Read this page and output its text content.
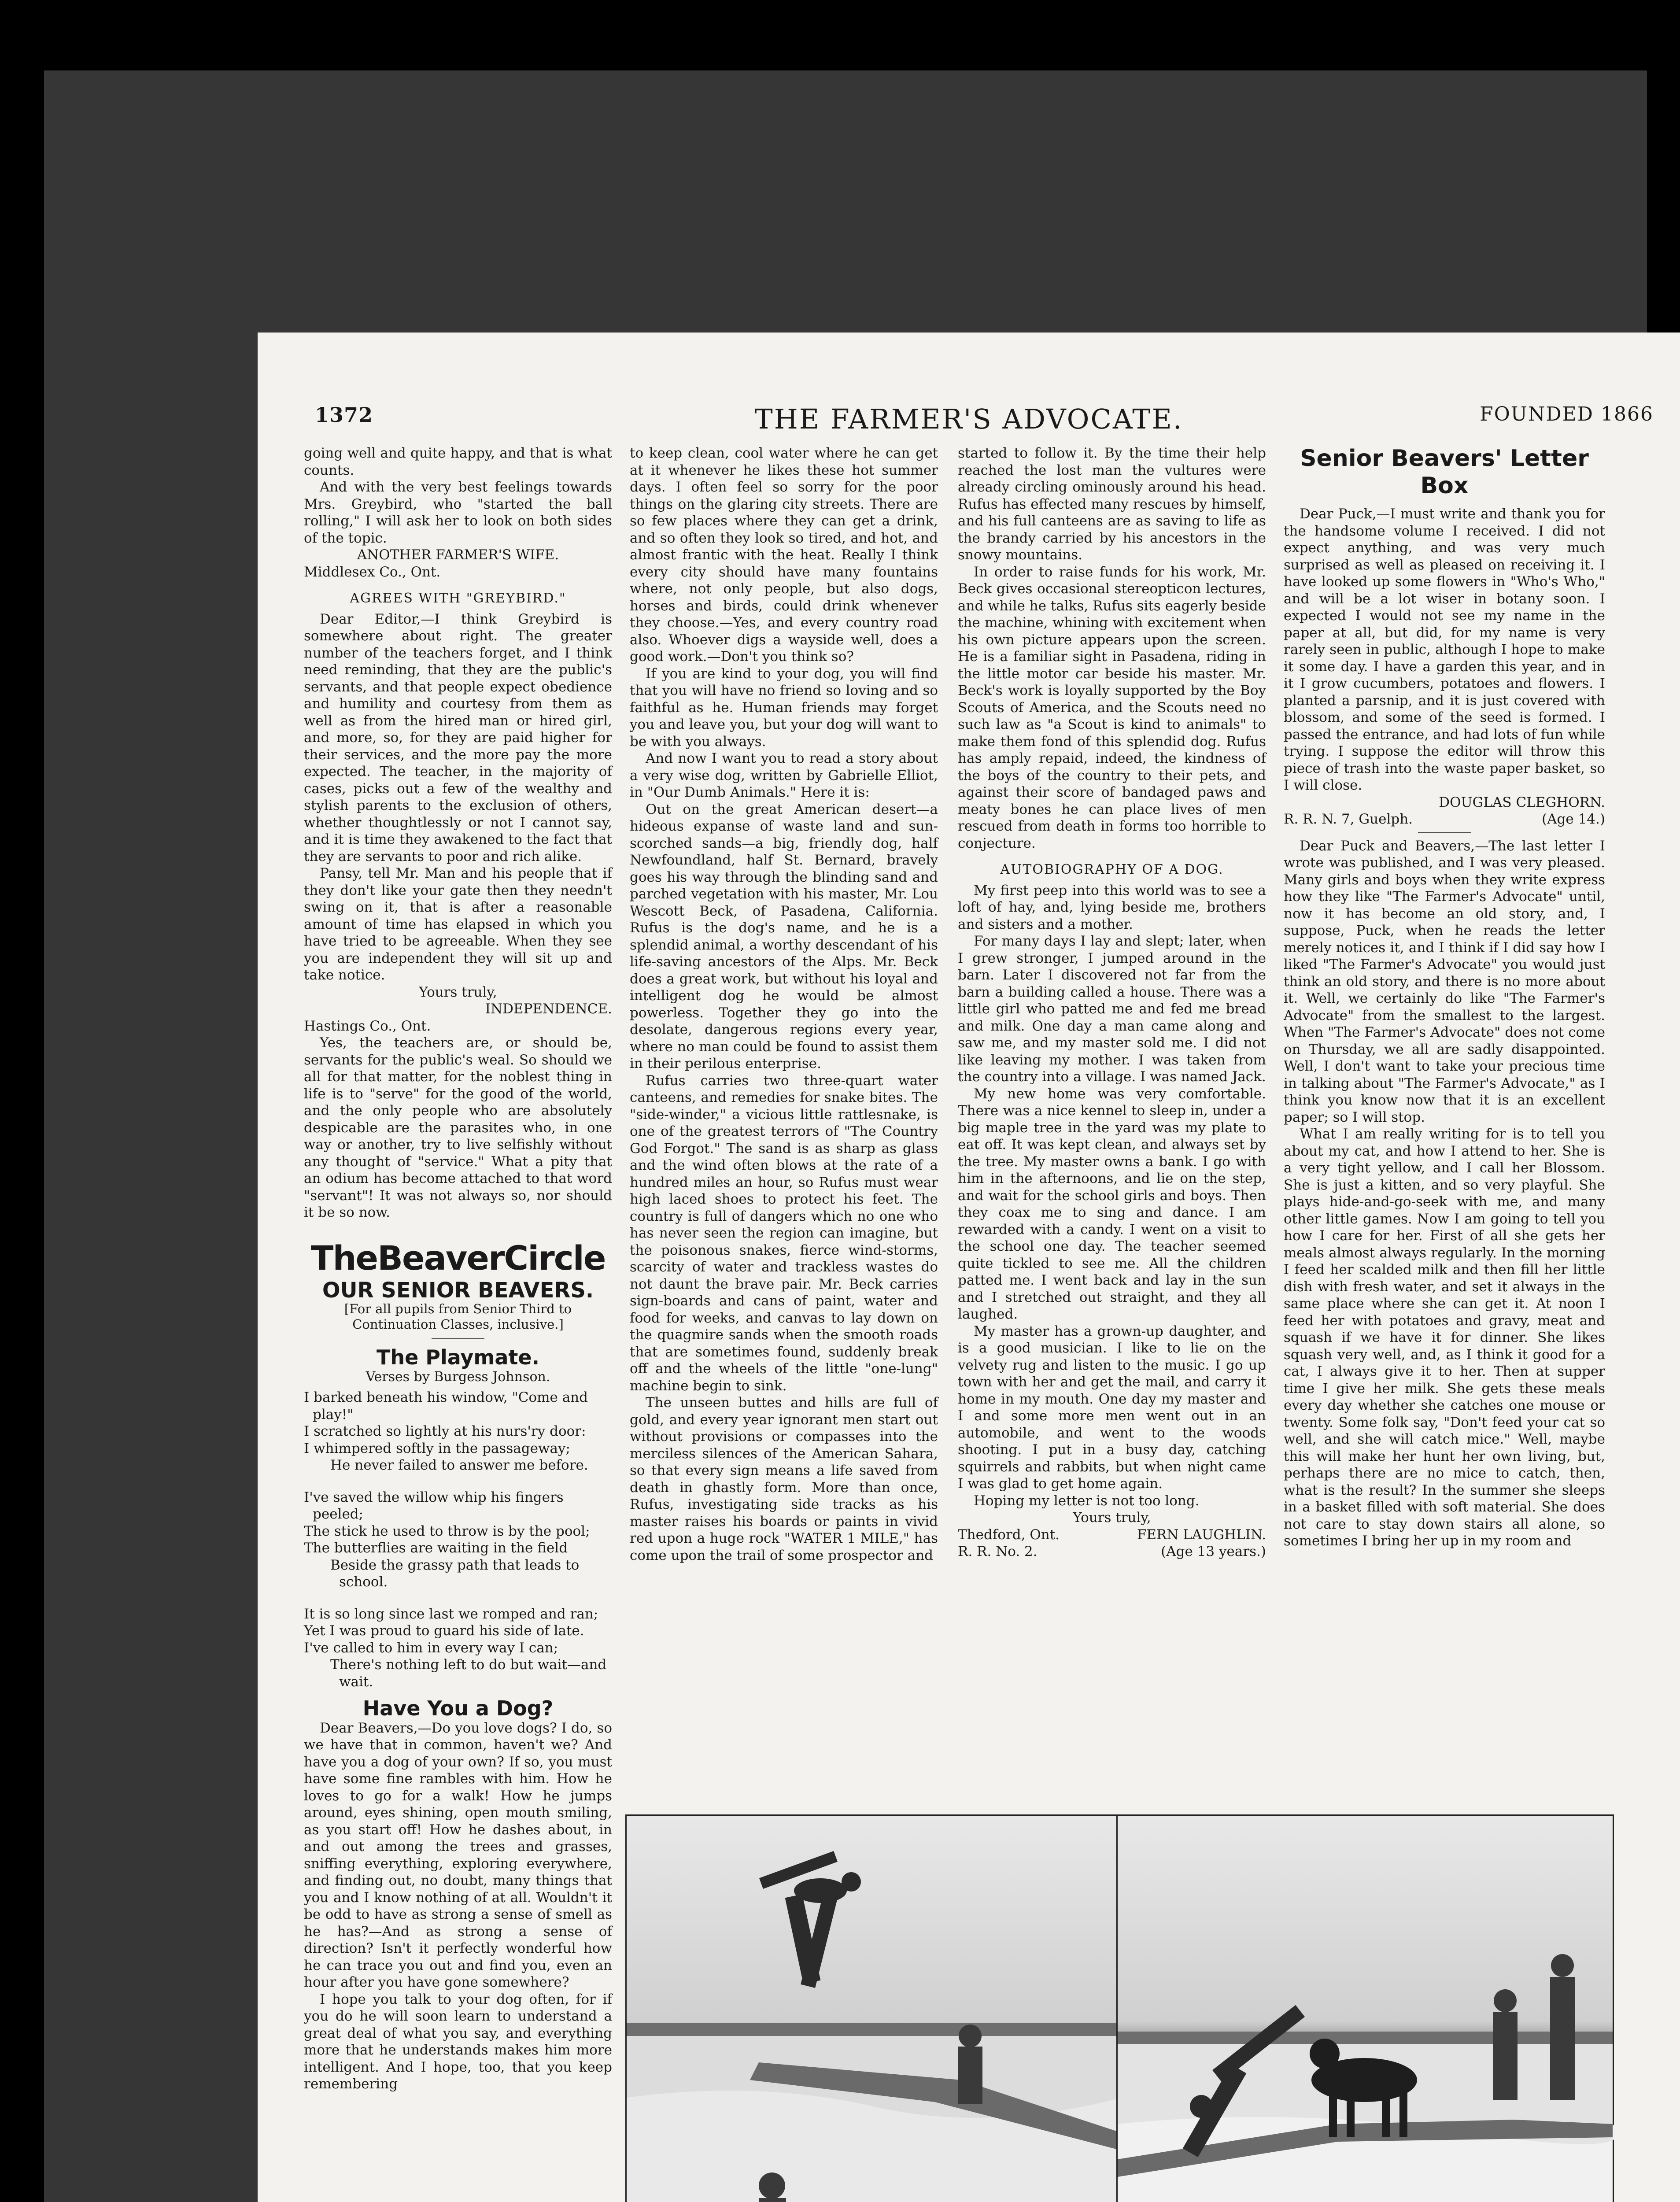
1372	THE FARMER'S ADVOCATE.	FOUNDED 1866

going well and quite happy, and that is what counts.

And with the very best feelings towards Mrs. Greybird, who "started the ball rolling," I will ask her to look on both sides of the topic.

ANOTHER FARMER'S WIFE.

Middlesex Co., Ont.

AGREES WITH "GREYBIRD."

Dear Editor,—I think Greybird is somewhere about right. The greater number of the teachers forget, and I think need reminding, that they are the public's servants, and that people expect obedience and humility and courtesy from them as well as from the hired man or hired girl, and more, so, for they are paid higher for their services, and the more pay the more expected. The teacher, in the majority of cases, picks out a few of the wealthy and stylish parents to the exclusion of others, whether thoughtlessly or not I cannot say, and it is time they awakened to the fact that they are servants to poor and rich alike.

Pansy, tell Mr. Man and his people that if they don't like your gate then they needn't swing on it, that is after a reasonable amount of time has elapsed in which you have tried to be agreeable. When they see you are independent they will sit up and take notice.

Yours truly,

INDEPENDENCE.

Hastings Co., Ont.

Yes, the teachers are, or should be, servants for the public's weal. So should we all for that matter, for the noblest thing in life is to "serve" for the good of the world, and the only people who are absolutely despicable are the parasites who, in one way or another, try to live selfishly without any thought of "service." What a pity that an odium has become attached to that word "servant"! It was not always so, nor should it be so now.

TheBeaverCircle
OUR SENIOR BEAVERS.
[For all pupils from Senior Third to Continuation Classes, inclusive.]
The Playmate.
Verses by Burgess Johnson.

I barked beneath his window, "Come and play!"

I scratched so lightly at his nurs'ry door:

I whimpered softly in the passageway;

He never failed to answer me before.

I've saved the willow whip his fingers peeled;

The stick he used to throw is by the pool;

The butterflies are waiting in the field

Beside the grassy path that leads to school.

It is so long since last we romped and ran;

Yet I was proud to guard his side of late.

I've called to him in every way I can;

There's nothing left to do but wait—and wait.

Have You a Dog?

Dear Beavers,—Do you love dogs? I do, so we have that in common, haven't we? And have you a dog of your own? If so, you must have some fine rambles with him. How he loves to go for a walk! How he jumps around, eyes shining, open mouth smiling, as you start off! How he dashes about, in and out among the trees and grasses, sniffing everything, exploring everywhere, and finding out, no doubt, many things that you and I know nothing of at all. Wouldn't it be odd to have as strong a sense of smell as he has?—And as strong a sense of direction? Isn't it perfectly wonderful how he can trace you out and find you, even an hour after you have gone somewhere?

I hope you talk to your dog often, for if you do he will soon learn to understand a great deal of what you say, and everything more that he understands makes him more intelligent. And I hope, too, that you keep remembering

to keep clean, cool water where he can get at it whenever he likes these hot summer days. I often feel so sorry for the poor things on the glaring city streets. There are so few places where they can get a drink, and so often they look so tired, and hot, and almost frantic with the heat. Really I think every city should have many fountains where, not only people, but also dogs, horses and birds, could drink whenever they choose.—Yes, and every country road also. Whoever digs a wayside well, does a good work.—Don't you think so?

If you are kind to your dog, you will find that you will have no friend so loving and so faithful as he. Human friends may forget you and leave you, but your dog will want to be with you always.

And now I want you to read a story about a very wise dog, written by Gabrielle Elliot, in "Our Dumb Animals." Here it is:

Out on the great American desert—a hideous expanse of waste land and sun-scorched sands—a big, friendly dog, half Newfoundland, half St. Bernard, bravely goes his way through the blinding sand and parched vegetation with his master, Mr. Lou Wescott Beck, of Pasadena, California. Rufus is the dog's name, and he is a splendid animal, a worthy descendant of his life-saving ancestors of the Alps. Mr. Beck does a great work, but without his loyal and intelligent dog he would be almost powerless. Together they go into the desolate, dangerous regions every year, where no man could be found to assist them in their perilous enterprise.

Rufus carries two three-quart water canteens, and remedies for snake bites. The "side-winder," a vicious little rattlesnake, is one of the greatest terrors of "The Country God Forgot." The sand is as sharp as glass and the wind often blows at the rate of a hundred miles an hour, so Rufus must wear high laced shoes to protect his feet. The country is full of dangers which no one who has never seen the region can imagine, but the poisonous snakes, fierce wind-storms, scarcity of water and trackless wastes do not daunt the brave pair. Mr. Beck carries sign-boards and cans of paint, water and food for weeks, and canvas to lay down on the quagmire sands when the smooth roads that are sometimes found, suddenly break off and the wheels of the little "one-lung" machine begin to sink.

The unseen buttes and hills are full of gold, and every year ignorant men start out without provisions or compasses into the merciless silences of the American Sahara, so that every sign means a life saved from death in ghastly form. More than once, Rufus, investigating side tracks as his master raises his boards or paints in vivid red upon a huge rock "WATER 1 MILE," has come upon the trail of some prospector and

started to follow it. By the time their help reached the lost man the vultures were already circling ominously around his head. Rufus has effected many rescues by himself, and his full canteens are as saving to life as the brandy carried by his ancestors in the snowy mountains.

In order to raise funds for his work, Mr. Beck gives occasional stereopticon lectures, and while he talks, Rufus sits eagerly beside the machine, whining with excitement when his own picture appears upon the screen. He is a familiar sight in Pasadena, riding in the little motor car beside his master. Mr. Beck's work is loyally supported by the Boy Scouts of America, and the Scouts need no such law as "a Scout is kind to animals" to make them fond of this splendid dog. Rufus has amply repaid, indeed, the kindness of the boys of the country to their pets, and against their score of bandaged paws and meaty bones he can place lives of men rescued from death in forms too horrible to conjecture.

AUTOBIOGRAPHY OF A DOG.

My first peep into this world was to see a loft of hay, and, lying beside me, brothers and sisters and a mother.

For many days I lay and slept; later, when I grew stronger, I jumped around in the barn. Later I discovered not far from the barn a building called a house. There was a little girl who patted me and fed me bread and milk. One day a man came along and saw me, and my master sold me. I did not like leaving my mother. I was taken from the country into a village. I was named Jack.

My new home was very comfortable. There was a nice kennel to sleep in, under a big maple tree in the yard was my plate to eat off. It was kept clean, and always set by the tree. My master owns a bank. I go with him in the afternoons, and lie on the step, and wait for the school girls and boys. Then they coax me to sing and dance. I am rewarded with a candy. I went on a visit to the school one day. The teacher seemed quite tickled to see me. All the children patted me. I went back and lay in the sun and I stretched out straight, and they all laughed.

My master has a grown-up daughter, and is a good musician. I like to lie on the velvety rug and listen to the music. I go up town with her and get the mail, and carry it home in my mouth. One day my master and I and some more men went out in an automobile, and went to the woods shooting. I put in a busy day, catching squirrels and rabbits, but when night came I was glad to get home again.

Hoping my letter is not too long.

Yours truly,

Thedford, Ont.	FERN LAUGHLIN.
R. R. No. 2.	(Age 13 years.)
Senior Beavers' Letter Box

Dear Puck,—I must write and thank you for the handsome volume I received. I did not expect anything, and was very much surprised as well as pleased on receiving it. I have looked up some flowers in "Who's Who," and will be a lot wiser in botany soon. I expected I would not see my name in the paper at all, but did, for my name is very rarely seen in public, although I hope to make it some day. I have a garden this year, and in it I grow cucumbers, potatoes and flowers. I planted a parsnip, and it is just covered with blossom, and some of the seed is formed. I passed the entrance, and had lots of fun while trying. I suppose the editor will throw this piece of trash into the waste paper basket, so I will close.

DOUGLAS CLEGHORN.

R. R. N. 7, Guelph.	(Age 14.)

Dear Puck and Beavers,—The last letter I wrote was published, and I was very pleased. Many girls and boys when they write express how they like "The Farmer's Advocate" until, now it has become an old story, and, I suppose, Puck, when he reads the letter merely notices it, and I think if I did say how I liked "The Farmer's Advocate" you would just think an old story, and there is no more about it. Well, we certainly do like "The Farmer's Advocate" from the smallest to the largest. When "The Farmer's Advocate" does not come on Thursday, we all are sadly disappointed. Well, I don't want to take your precious time in talking about "The Farmer's Advocate," as I think you know now that it is an excellent paper; so I will stop.

What I am really writing for is to tell you about my cat, and how I attend to her. She is a very tight yellow, and I call her Blossom. She is just a kitten, and so very playful. She plays hide-and-go-seek with me, and many other little games. Now I am going to tell you how I care for her. First of all she gets her meals almost always regularly. In the morning I feed her scalded milk and then fill her little dish with fresh water, and set it always in the same place where she can get it. At noon I feed her with potatoes and gravy, meat and squash if we have it for dinner. She likes squash very well, and, as I think it good for a cat, I always give it to her. Then at supper time I give her milk. She gets these meals every day whether she catches one mouse or twenty. Some folk say, "Don't feed your cat so well, and she will catch mice." Well, maybe this will make her hunt her own living, but, perhaps there are no mice to catch, then, what is the result? In the summer she sleeps in a basket filled with soft material. She does not care to stay down stairs all alone, so sometimes I bring her up in my room and
